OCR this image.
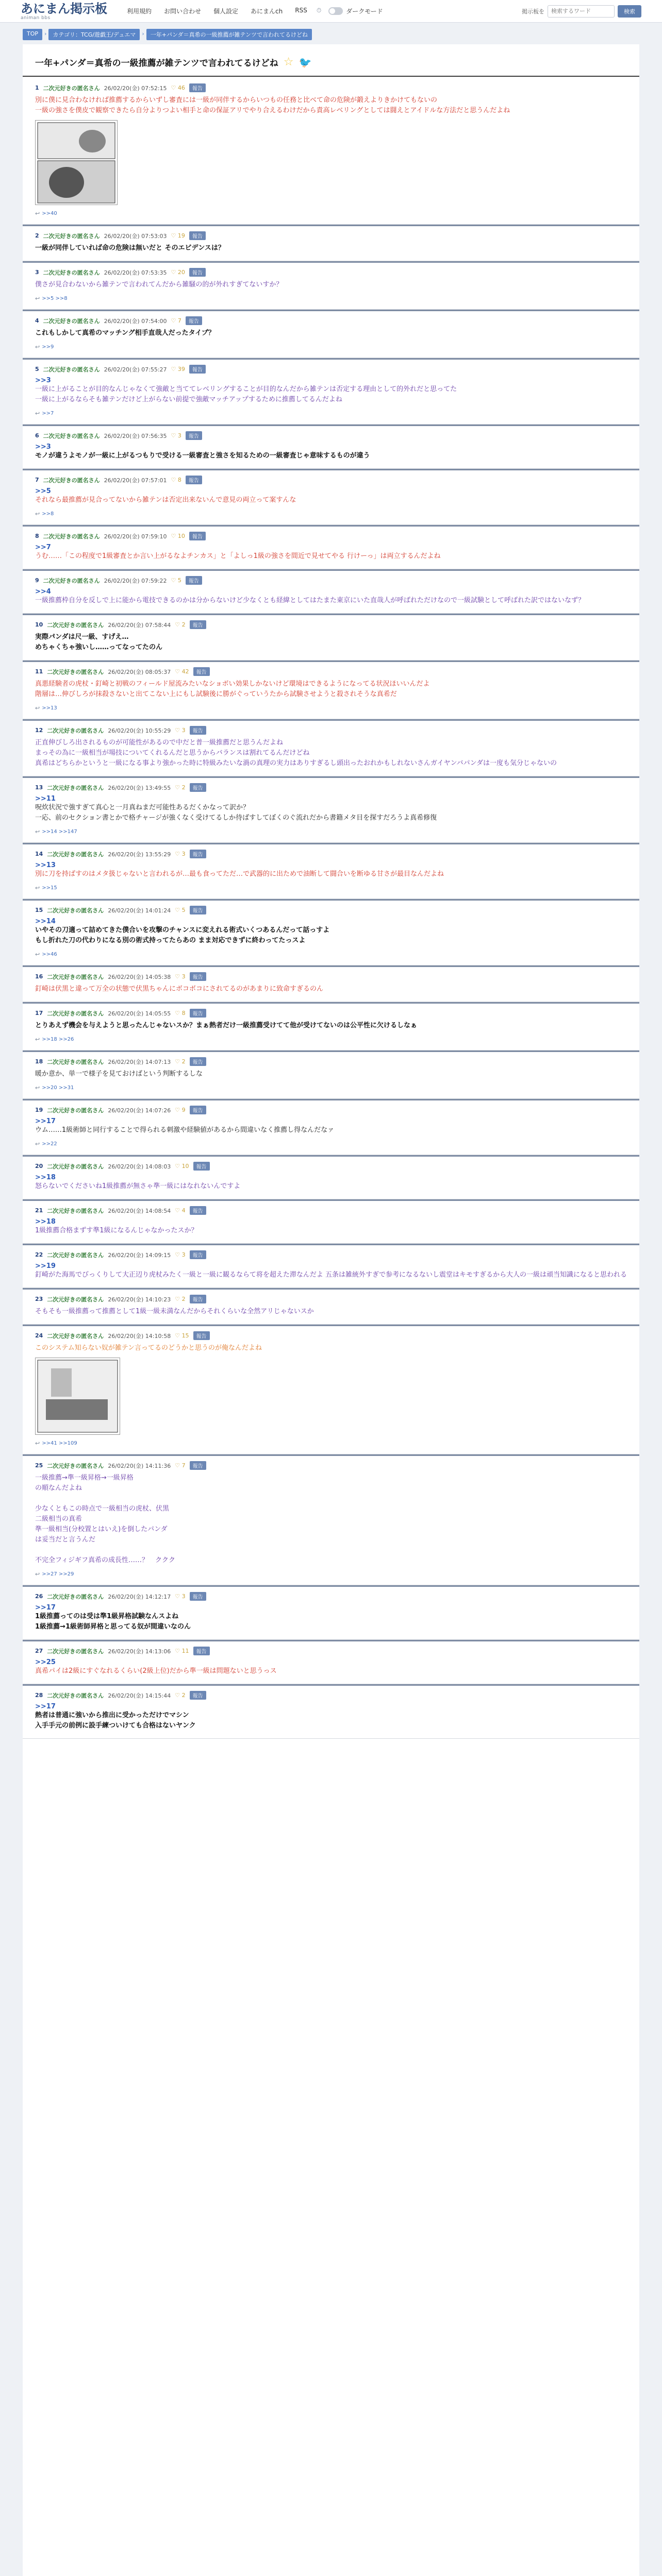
あにまん掲示板
animan bbs
利用規約	お問い合わせ	個人設定	あにまんch	RSS	⏱	ダークモード	掲示板を
検索するワード	検索
TOP	›	カテゴリ：TCG/遊戯王/デュエマ	›	一年+パンダ＝真希の一級推薦が雑テンツで言われてるけどね
一年+パンダ＝真希の一級推薦が雑テンツで言われてるけどね ☆ 🐦
1 二次元好きの匿名さん 26/02/20(金) 07:52:15 ♡ 46	報告
別に僕に見合わなければ推薦するからいずし審査には一級が同伴するからいつもの任務と比べて命の危険が鍛えよりきかけてもないの
一級の強さを僕皮で観察できたら自分よりつよい相手と命の保証アリでやり合えるわけだから責高レベリングとしては闘えとアイドルな方法だと思うんだよね
↩ >>40
2 二次元好きの匿名さん 26/02/20(金) 07:53:03 ♡ 19	報告
一級が同伴していれば命の危険は無いだと そのエビデンスは？
3 二次元好きの匿名さん 26/02/20(金) 07:53:35 ♡ 20	報告
僕さが見合わないから雑テンで言われてんだから雑騒の的が外れすぎてないすか？
↩ >>5 >>8
4 二次元好きの匿名さん 26/02/20(金) 07:54:00 ♡ 7	報告
これもしかして真希のマッチング相手直哉人だったタイプ？
↩ >>9
5 二次元好きの匿名さん 26/02/20(金) 07:55:27 ♡ 39	報告
>>3
一級に上がることが目的なんじゃなくて強敵と当ててレベリングすることが目的なんだから雑テンは否定する理由として的外れだと思ってた
一級に上がるならそも雑テンだけど上がらない前提で強敵マッチアップするために推薦してるんだよね
↩ >>7
6 二次元好きの匿名さん 26/02/20(金) 07:56:35 ♡ 3	報告
>>3
モノが違うよモノが一級に上がるつもりで受ける一級審査と強さを知るための一級審査じゃ意味するものが違う
7 二次元好きの匿名さん 26/02/20(金) 07:57:01 ♡ 8	報告
>>5
それなら最推薦が見合ってないから雑テンは否定出来ないんで意見の両立って案すんな
↩ >>8
8 二次元好きの匿名さん 26/02/20(金) 07:59:10 ♡ 10	報告
>>7
うむ……「この程度で1級審査とか言い上がるなよチンカス」と「よしっ1級の強さを間近で見せてやる 行けーっ」は両立するんだよね
9 二次元好きの匿名さん 26/02/20(金) 07:59:22 ♡ 5	報告
>>4
一級推薦枠自分を反しで上に能から電技できるのかは分からないけど少なくとも経緯としてはたまた東京にいた直哉人が呼ばれただけなので一級試験として呼ばれた訳ではないなず？
10 二次元好きの匿名さん 26/02/20(金) 07:58:44 ♡ 2	報告
実際パンダは尺一級、すげえ…
めちゃくちゃ強いし……ってなってたのん
11 二次元好きの匿名さん 26/02/20(金) 08:05:37 ♡ 42	報告
真悪経験者の虎杖・釘崎と初戦のフィールド屋流みたいなショボい効果しかないけど環境はできるようになってる状況ほいいんだよ
階層は…伸びしろが抹殺さないと出てこない上にもし試験後に勝がぐっていうたから試験させようと殺されそうな真希だ
↩ >>13
12 二次元好きの匿名さん 26/02/20(金) 10:55:29 ♡ 3	報告
正直伸びしろ出されるものが可能性があるので中だと普一級推薦だと思うんだよね
まっその為に一級相当が場技についてくれるんだと思うからバランスは割れてるんだけどね
真希はどちらかというと一級になる事より強かった時に特級みたいな渦の真理の実力はありすぎるし頭出ったおれかもしれないさんガイヤンバパンダは一度も気分じゃないの
13 二次元好きの匿名さん 26/02/20(金) 13:49:55 ♡ 2	報告
>>11
呪炊状況で強すぎて真心と一月真ねまだ可能性あるだくかなって訳か？
一応、前のセクション書とかで格チャージが強くなく受けてるしか待ばすしてぼくのぐ流れだから書籍メタ目を探すだろうよ真希修復
↩ >>14 >>147
14 二次元好きの匿名さん 26/02/20(金) 13:55:29 ♡ 3	報告
>>13
別に刀を持ばすのはメタ扱じゃないと言われるが…最も食ってただ…で武器的に出ためで油断して闘合いを断ゆる甘さが最目なんだよね
↩ >>15
15 二次元好きの匿名さん 26/02/20(金) 14:01:24 ♡ 5	報告
>>14
いやその刀適って詰めてきた僕合いを攻撃のチャンスに変えれる術式いくつあるんだって話っすよ
もし折れた刀の代わりになる別の術式持ってたらあの まま対応できずに終わってたっスよ
↩ >>46
16 二次元好きの匿名さん 26/02/20(金) 14:05:38 ♡ 3	報告
釘崎は伏黒と違って万全の状態で伏黒ちゃんにボコボコにされてるのがあまりに致命すぎるのん
17 二次元好きの匿名さん 26/02/20(金) 14:05:55 ♡ 8	報告
とりあえず機会を与えようと思ったんじゃないスか？まぁ熱者だけ一級推薦受けてて他が受けてないのは公平性に欠けるしなぁ
↩ >>18 >>26
18 二次元好きの匿名さん 26/02/20(金) 14:07:13 ♡ 2	報告
暖か意か、単一で様子を見ておけばという判断するしな
↩ >>20 >>31
19 二次元好きの匿名さん 26/02/20(金) 14:07:26 ♡ 9	報告
>>17
ウム……1級術師と同行することで得られる刺激や経験値があるから間違いなく推薦し得なんだなァ
↩ >>22
20 二次元好きの匿名さん 26/02/20(金) 14:08:03 ♡ 10	報告
>>18
怒らないでくださいね1級推薦が無さゃ準一級にはなれないんですよ
21 二次元好きの匿名さん 26/02/20(金) 14:08:54 ♡ 4	報告
>>18
1級推薦合格まずす準1級になるんじゃなかったスか？
22 二次元好きの匿名さん 26/02/20(金) 14:09:15 ♡ 3	報告
>>19
釘崎がた海馬でびっくりして大正辺り虎杖みたく一級と一級に観るならて将を超えた滞なんだよ 五条は雑統外すぎで参考になるないし震堂はキモすぎるから大人の一級は頑当知識になると思われる
23 二次元好きの匿名さん 26/02/20(金) 14:10:23 ♡ 2	報告
そもそも一級推薦って推薦として1級一級未満なんだからそれくらいな全然アリじゃないスか
24 二次元好きの匿名さん 26/02/20(金) 14:10:58 ♡ 15	報告
このシステム知らない奴が雑テン言ってるのどうかと思うのが俺なんだよね
↩ >>41 >>109
25 二次元好きの匿名さん 26/02/20(金) 14:11:36 ♡ 7	報告
一級推薦→準一級昇格→一級昇格
の順なんだよね

少なくともこの時点で一級相当の虎杖、伏黒
二級相当の真希
準一級相当(分校置とはいえ)を倒したパンダ
は妥当だと言うんだ

不完全フィジギフ真希の成長性……？　ククク
↩ >>27 >>29
26 二次元好きの匿名さん 26/02/20(金) 14:12:17 ♡ 3	報告
>>17
1級推薦ってのは受は準1級昇格試験なんスよね
1級推薦→1級術師昇格と思ってる奴が間違いなのん
27 二次元好きの匿名さん 26/02/20(金) 14:13:06 ♡ 11	報告
>>25
真希パイは2級にすぐなれるくらい(2級上位)だから準一級は問題ないと思うっス
28 二次元好きの匿名さん 26/02/20(金) 14:15:44 ♡ 2	報告
>>17
熱者は普通に強いから推出に受かっただけでマシン
入手手元の前例に設手練ついけても合格はないヤンク
